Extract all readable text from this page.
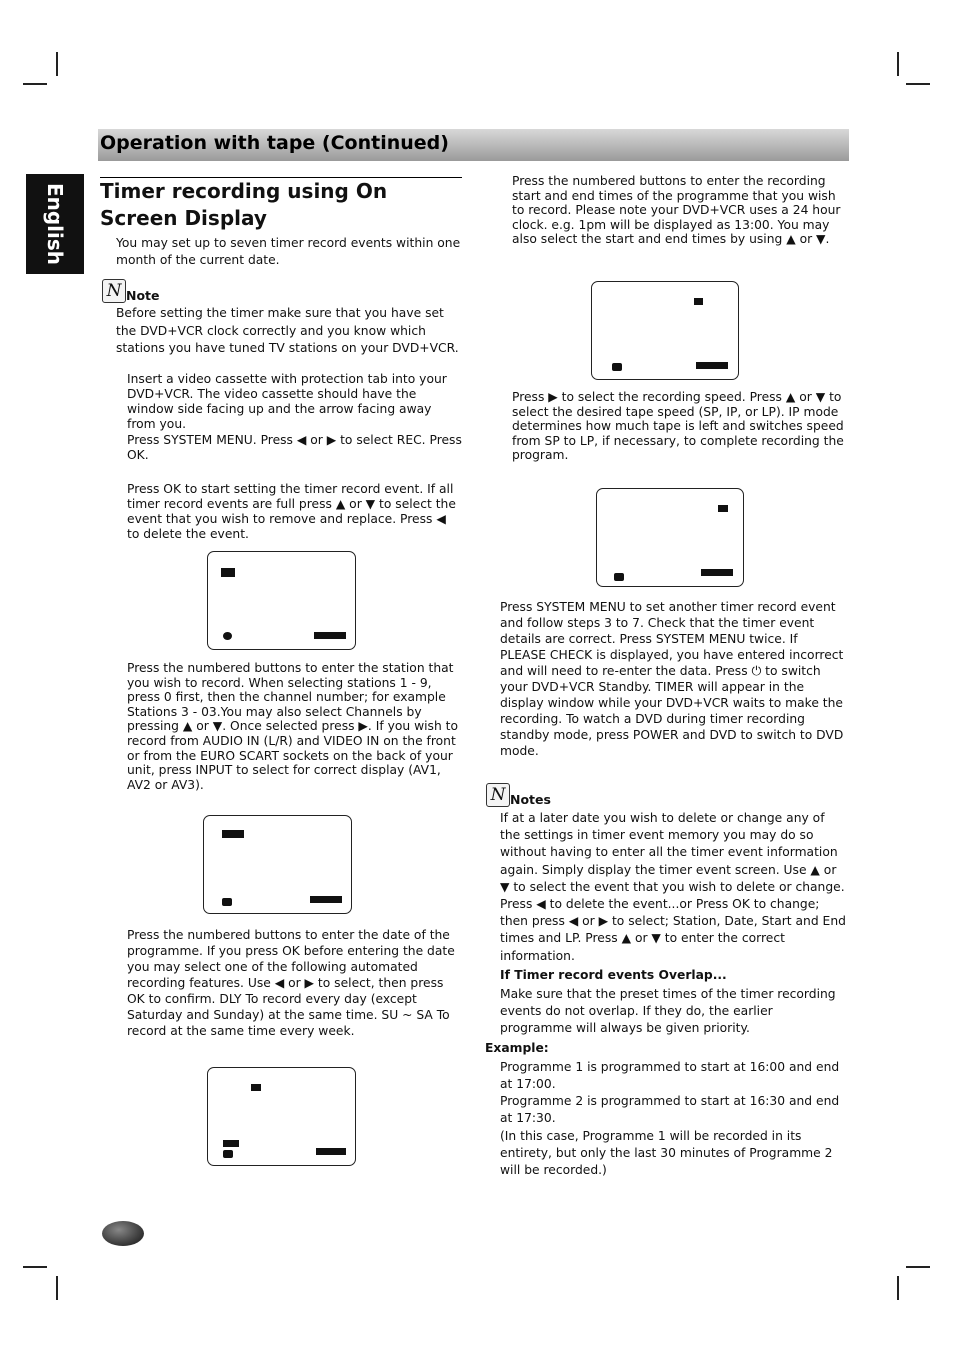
Operation with tape (Continued)
English Timer recording using On Screen Display
You may set up to seven timer record events within one month of the current date.
N Note
Before setting the timer make sure that you have set the DVD+VCR clock correctly and you know which stations you have tuned TV stations on your DVD+VCR.
Insert a video cassette with protection tab into your DVD+VCR. The video cassette should have the window side facing up and the arrow facing away from you.
Press SYSTEM MENU. Press ◀ or ▶ to select REC. Press OK.
Press OK to start setting the timer record event. If all timer record events are full press ▲ or ▼ to select the event that you wish to remove and replace. Press ◀ to delete the event.
Press the numbered buttons to enter the station that you wish to record. When selecting stations 1 - 9, press 0 first, then the channel number; for example Stations 3 - 03.You may also select Channels by pressing ▲ or ▼. Once selected press ▶. If you wish to record from AUDIO IN (L/R) and VIDEO IN on the front or from the EURO SCART sockets on the back of your unit, press INPUT to select for correct display (AV1, AV2 or AV3).
Press the numbered buttons to enter the date of the programme. If you press OK before entering the date you may select one of the following automated recording features. Use ◀ or ▶ to select, then press OK to confirm. DLY To record every day (except Saturday and Sunday) at the same time. SU ~ SA To record at the same time every week.
Press the numbered buttons to enter the recording start and end times of the programme that you wish to record. Please note your DVD+VCR uses a 24 hour clock. e.g. 1pm will be displayed as 13:00. You may also select the start and end times by using ▲ or ▼.
Press ▶ to select the recording speed. Press ▲ or ▼ to select the desired tape speed (SP, IP, or LP). IP mode determines how much tape is left and switches speed from SP to LP, if necessary, to complete recording the program.
Press SYSTEM MENU to set another timer record event and follow steps 3 to 7. Check that the timer event details are correct. Press SYSTEM MENU twice. If PLEASE CHECK is displayed, you have entered incorrect and will need to re-enter the data. Press ⏻ to switch your DVD+VCR Standby. TIMER will appear in the display window while your DVD+VCR waits to make the recording. To watch a DVD during timer recording standby mode, press POWER and DVD to switch to DVD mode.
N Notes
If at a later date you wish to delete or change any of the settings in timer event memory you may do so without having to enter all the timer event information again. Simply display the timer event screen. Use ▲ or ▼ to select the event that you wish to delete or change. Press ◀ to delete the event...or Press OK to change; then press ◀ or ▶ to select; Station, Date, Start and End times and LP. Press ▲ or ▼ to enter the correct information.
If Timer record events Overlap...
Make sure that the preset times of the timer recording events do not overlap. If they do, the earlier programme will always be given priority.
Example:
Programme 1 is programmed to start at 16:00 and end at 17:00.
Programme 2 is programmed to start at 16:30 and end at 17:30.
(In this case, Programme 1 will be recorded in its entirety, but only the last 30 minutes of Programme 2 will be recorded.)
